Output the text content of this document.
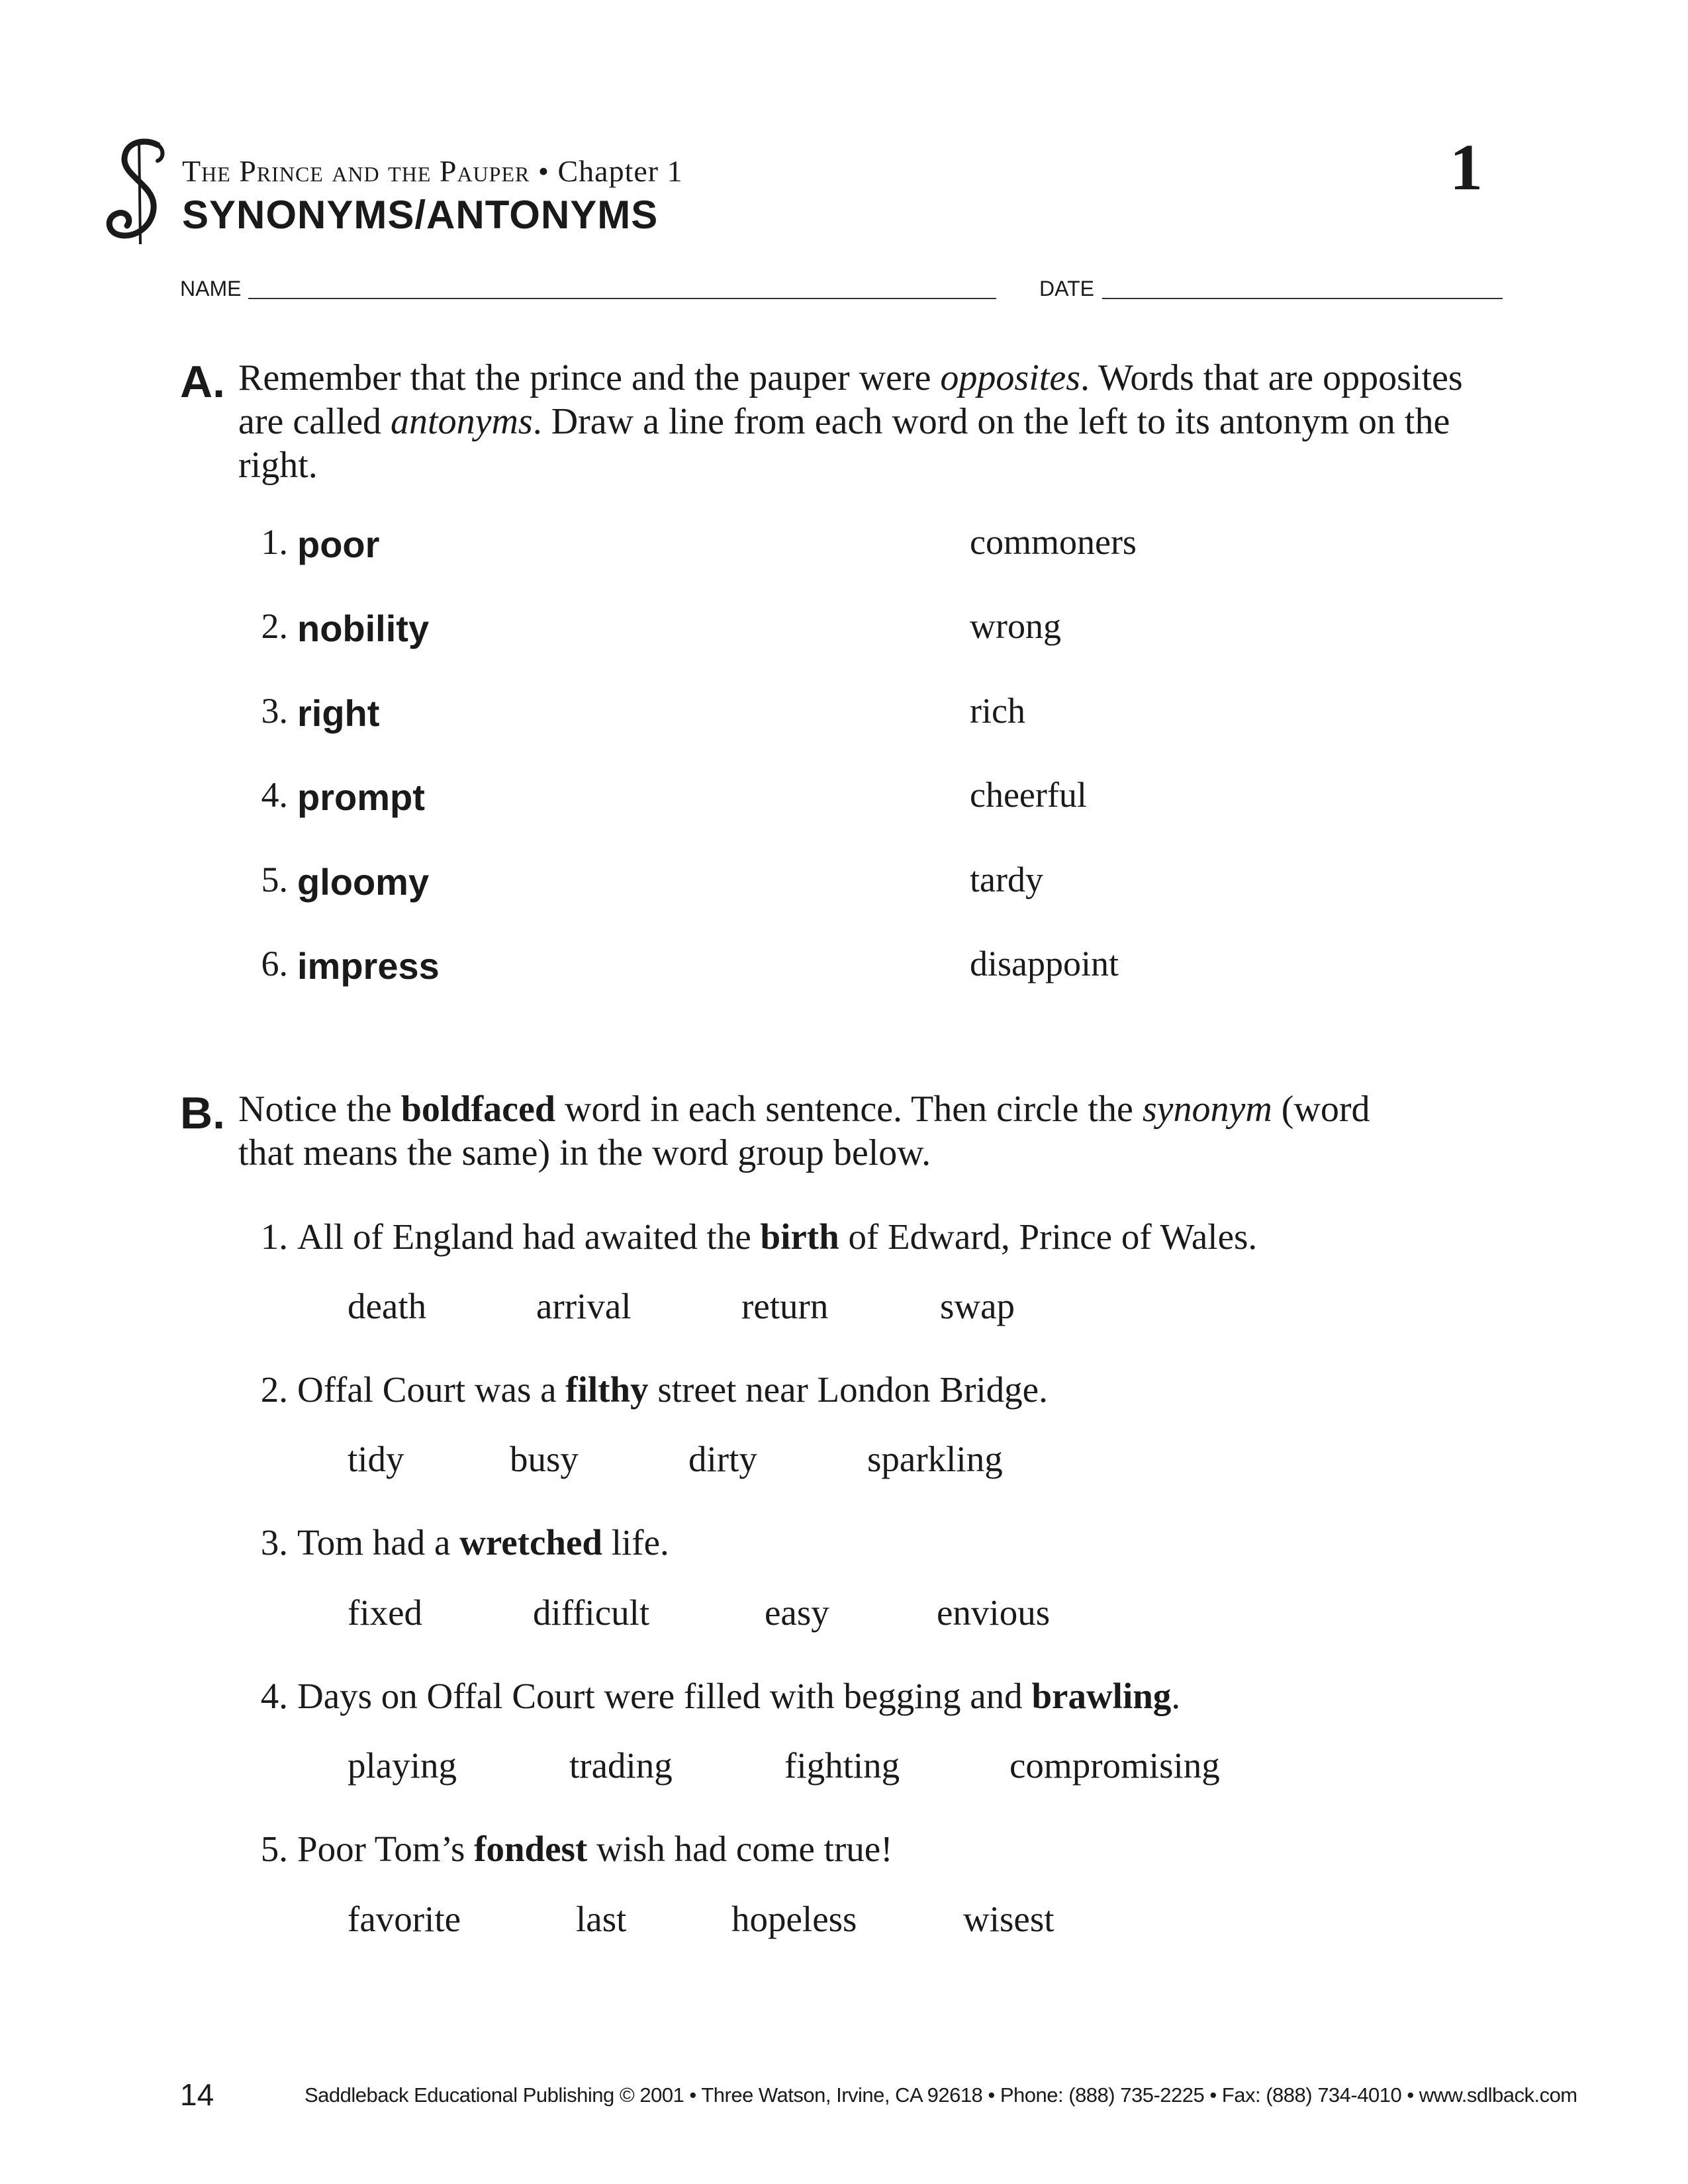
The Prince and the Pauper • Chapter 1
SYNONYMS/ANTONYMS
1
NAME	DATE
A. Remember that the prince and the pauper were opposites. Words that are opposites are called antonyms. Draw a line from each word on the left to its antonym on the right.
1. poor	commoners
2. nobility	wrong
3. right	rich
4. prompt	cheerful
5. gloomy	tardy
6. impress	disappoint
B. Notice the boldfaced word in each sentence. Then circle the synonym (word that means the same) in the word group below.
1. All of England had awaited the birth of Edward, Prince of Wales.
death	arrival	return	swap
2. Offal Court was a filthy street near London Bridge.
tidy	busy	dirty	sparkling
3. Tom had a wretched life.
fixed	difficult	easy	envious
4. Days on Offal Court were filled with begging and brawling.
playing	trading	fighting	compromising
5. Poor Tom’s fondest wish had come true!
favorite	last	hopeless	wisest
14	Saddleback Educational Publishing © 2001 • Three Watson, Irvine, CA 92618 • Phone: (888) 735-2225 • Fax: (888) 734-4010 • www.sdlback.com
